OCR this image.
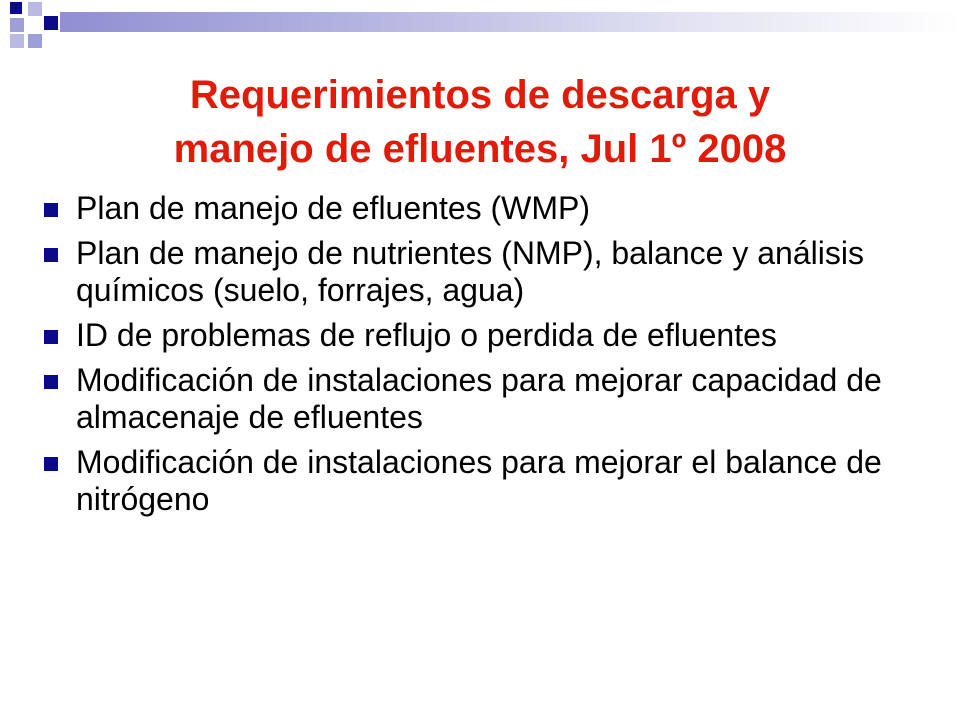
Requerimientos de descarga y
manejo de efluentes, Jul 1º 2008
Plan de manejo de efluentes (WMP)
Plan de manejo de nutrientes (NMP), balance y análisis químicos (suelo, forrajes, agua)
ID de problemas de reflujo o perdida de efluentes
Modificación de instalaciones para mejorar capacidad de almacenaje de efluentes
Modificación de instalaciones para mejorar el balance de nitrógeno
